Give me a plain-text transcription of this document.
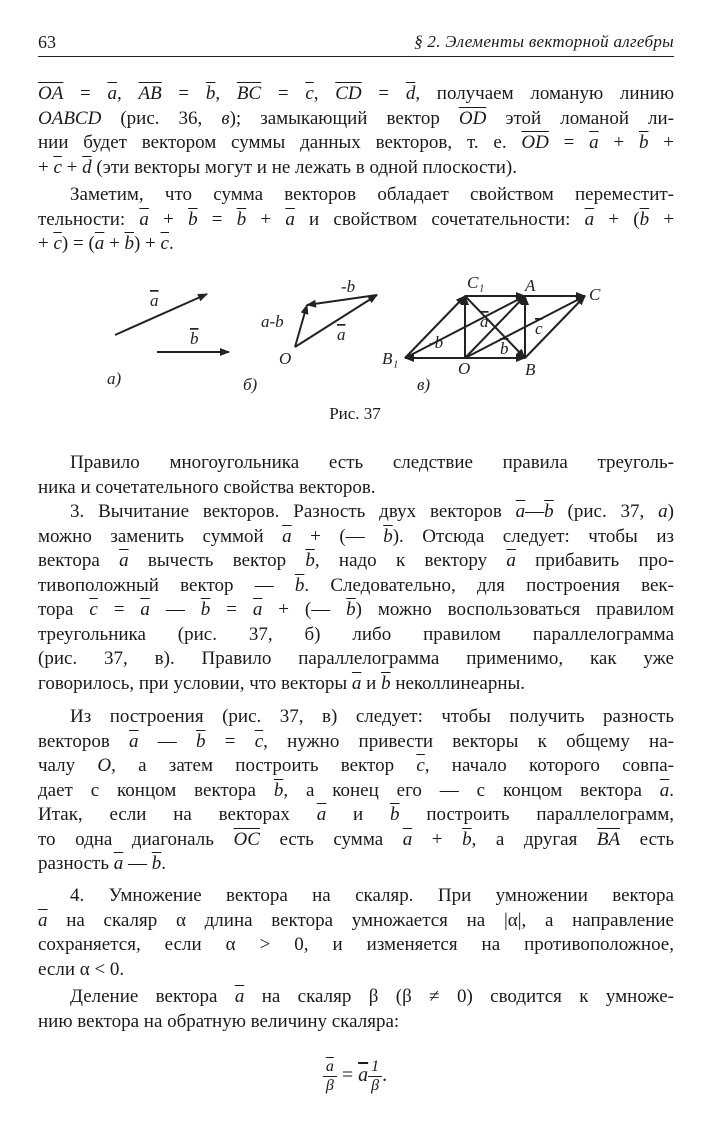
63	§ 2. Элементы векторной алгебры
$\overline{OA} = \overline{a}$, $\overline{AB} = \overline{b}$, $\overline{BC} = \overline{c}$, $\overline{CD} = \overline{d}$, получаем ломаную линию
OABCD (рис. 36, в); замыкающий вектор $\overline{OD}$ этой ломаной ли-
нии будет вектором суммы данных векторов, т. е. $\overline{OD} = \overline{a} + \overline{b}$ +
+ $\overline{c} + \overline{d}$ (эти векторы могут и не лежать в одной плоскости).
Заметим, что сумма векторов обладает свойством переместит-
тельности: $\overline{a} + \overline{b} = \overline{b} + \overline{a}$ и свойством сочетательности: $\overline{a} + (\overline{b}$ +
+ $\overline{c}) = (\overline{a} + \overline{b}) + \overline{c}$.
a
b
а)
-b
a-b
a
O
б)
C₁ A	C
a	c
-b	b
B₁
O	B
в)
Рис. 37
Правило многоугольника есть следствие правила треуголь-
ника и сочетательного свойства векторов.
3. Вычитание векторов. Разность двух векторов $\overline{a}—\overline{b}$ (рис. 37, а)
можно заменить суммой $\overline{a}$ + (— $\overline{b}$). Отсюда следует: чтобы из
вектора $\overline{a}$ вычесть вектор $\overline{b}$, надо к вектору $\overline{a}$ прибавить про-
тивоположный вектор — $\overline{b}$. Следовательно, для построения век-
тора $\overline{c} = \overline{a}$ — $\overline{b} = \overline{a}$ + (— $\overline{b}$) можно воспользоваться правилом
треугольника (рис. 37, б) либо правилом параллелограмма
(рис. 37, в). Правило параллелограмма применимо, как уже
говорилось, при условии, что векторы $\overline{a}$ и $\overline{b}$ неколлинеарны.
Из построения (рис. 37, в) следует: чтобы получить разность
векторов $\overline{a}$ — $\overline{b} = \overline{c}$, нужно привести векторы к общему на-
чалу O, а затем построить вектор $\overline{c}$, начало которого совпа-
дает с концом вектора $\overline{b}$, а конец его — с концом вектора $\overline{a}$.
Итак, если на векторах $\overline{a}$ и $\overline{b}$ построить параллелограмм,
то одна диагональ $\overline{OC}$ есть сумма $\overline{a} + \overline{b}$, а другая $\overline{BA}$ есть
разность $\overline{a}$ — $\overline{b}$.
4. Умножение вектора на скаляр. При умножении вектора
$\overline{a}$ на скаляр α длина вектора умножается на |α|, а направление
сохраняется, если α > 0, и изменяется на противоположное,
если α < 0.
Деление вектора $\overline{a}$ на скаляр β (β ≠ 0) сводится к умноже-
нию вектора на обратную величину скаляра:
$\frac{\overline{a}}{\beta} = \overline{a} \frac{1}{\beta}$ .
